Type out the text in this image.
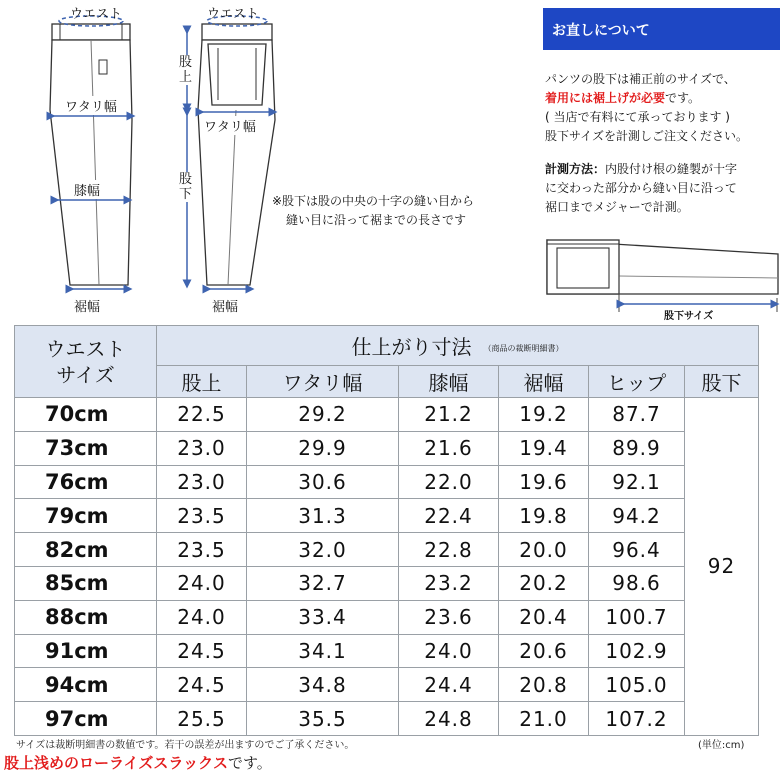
ウエスト	ウエスト
ワタリ幅
膝幅
裾幅
股上
ワタリ幅
股下
裾幅
※股下は股の中央の十字の縫い目から
縫い目に沿って裾までの長さです
お直しについて
パンツの股下は補正前のサイズで、
着用には裾上げが必要です。
( 当店で有料にて承っております )
股下サイズを計測しご注文ください。
計測方法：内股付け根の縫製が十字
に交わった部分から縫い目に沿って
裾口までメジャーで計測。
股下サイズ
ウエスト
サイズ	仕上がり寸法 （商品の裁断明細書）					
	股上	ワタリ幅	膝幅	裾幅	ヒップ	股下
70cm	22.5	29.2	21.2	19.2	87.7	92
73cm	23.0	29.9	21.6	19.4	89.9	
76cm	23.0	30.6	22.0	19.6	92.1	
79cm	23.5	31.3	22.4	19.8	94.2	
82cm	23.5	32.0	22.8	20.0	96.4	
85cm	24.0	32.7	23.2	20.2	98.6	
88cm	24.0	33.4	23.6	20.4	100.7	
91cm	24.5	34.1	24.0	20.6	102.9	
94cm	24.5	34.8	24.4	20.8	105.0	
97cm	25.5	35.5	24.8	21.0	107.2	
サイズは裁断明細書の数値です。若干の誤差が出ますのでご了承ください。	(単位:cm)
股上浅めのローライズスラックスです。
